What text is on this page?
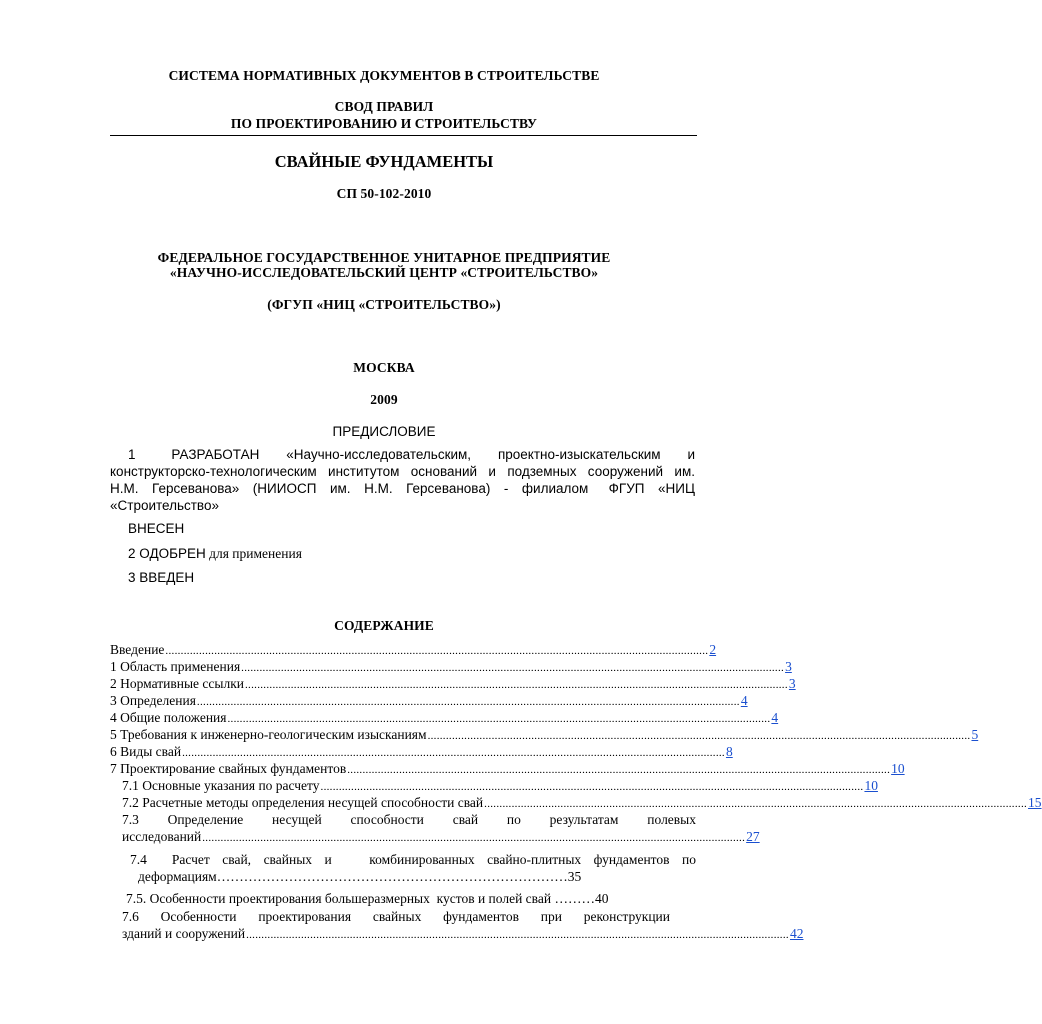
СИСТЕМА НОРМАТИВНЫХ ДОКУМЕНТОВ В СТРОИТЕЛЬСТВЕ
СВОД ПРАВИЛ
ПО ПРОЕКТИРОВАНИЮ И СТРОИТЕЛЬСТВУ
СВАЙНЫЕ ФУНДАМЕНТЫ
СП 50-102-2010
ФЕДЕРАЛЬНОЕ ГОСУДАРСТВЕННОЕ УНИТАРНОЕ ПРЕДПРИЯТИЕ
«НАУЧНО-ИССЛЕДОВАТЕЛЬСКИЙ ЦЕНТР «СТРОИТЕЛЬСТВО»
(ФГУП «НИЦ «СТРОИТЕЛЬСТВО»)
МОСКВА
2009
ПРЕДИСЛОВИЕ
1    РАЗРАБОТАН   «Научно-исследовательским,   проектно-изыскательским   и
конструкторско-технологическим институтом оснований и подземных сооружений им.
Н.М.  Герсеванова»  (НИИОСП  им.  Н.М.  Герсеванова)  -  филиалом   ФГУП  «НИЦ
«Строительство»
ВНЕСЕН
2 ОДОБРЕН для применения
3 ВВЕДЕН
СОДЕРЖАНИЕ
Введение .................................................................................................................................................................................. 2
1 Область применения .................................................................................................................................................................................. 3
2 Нормативные ссылки .................................................................................................................................................................................. 3
3 Определения .................................................................................................................................................................................. 4
4 Общие положения .................................................................................................................................................................................. 4
5 Требования к инженерно-геологическим изысканиям .................................................................................................................................................................................. 5
6 Виды свай .................................................................................................................................................................................. 8
7 Проектирование свайных фундаментов .................................................................................................................................................................................. 10
7.1 Основные указания по расчету .................................................................................................................................................................................. 10
7.2 Расчетные методы определения несущей способности свай .................................................................................................................................................................................. 15
7.3   Определение   несущей   способности   свай   по   результатам   полевых
исследований .................................................................................................................................................................................. 27
7.4  Расчет свай, свайных и   комбинированных свайно-плитных фундаментов по
деформациям……………………………………………………………………35
7.5. Особенности проектирования большеразмерных  кустов и полей свай ………40
7.6  Особенности  проектирования  свайных  фундаментов  при  реконструкции
зданий и сооружений .................................................................................................................................................................................. 42
